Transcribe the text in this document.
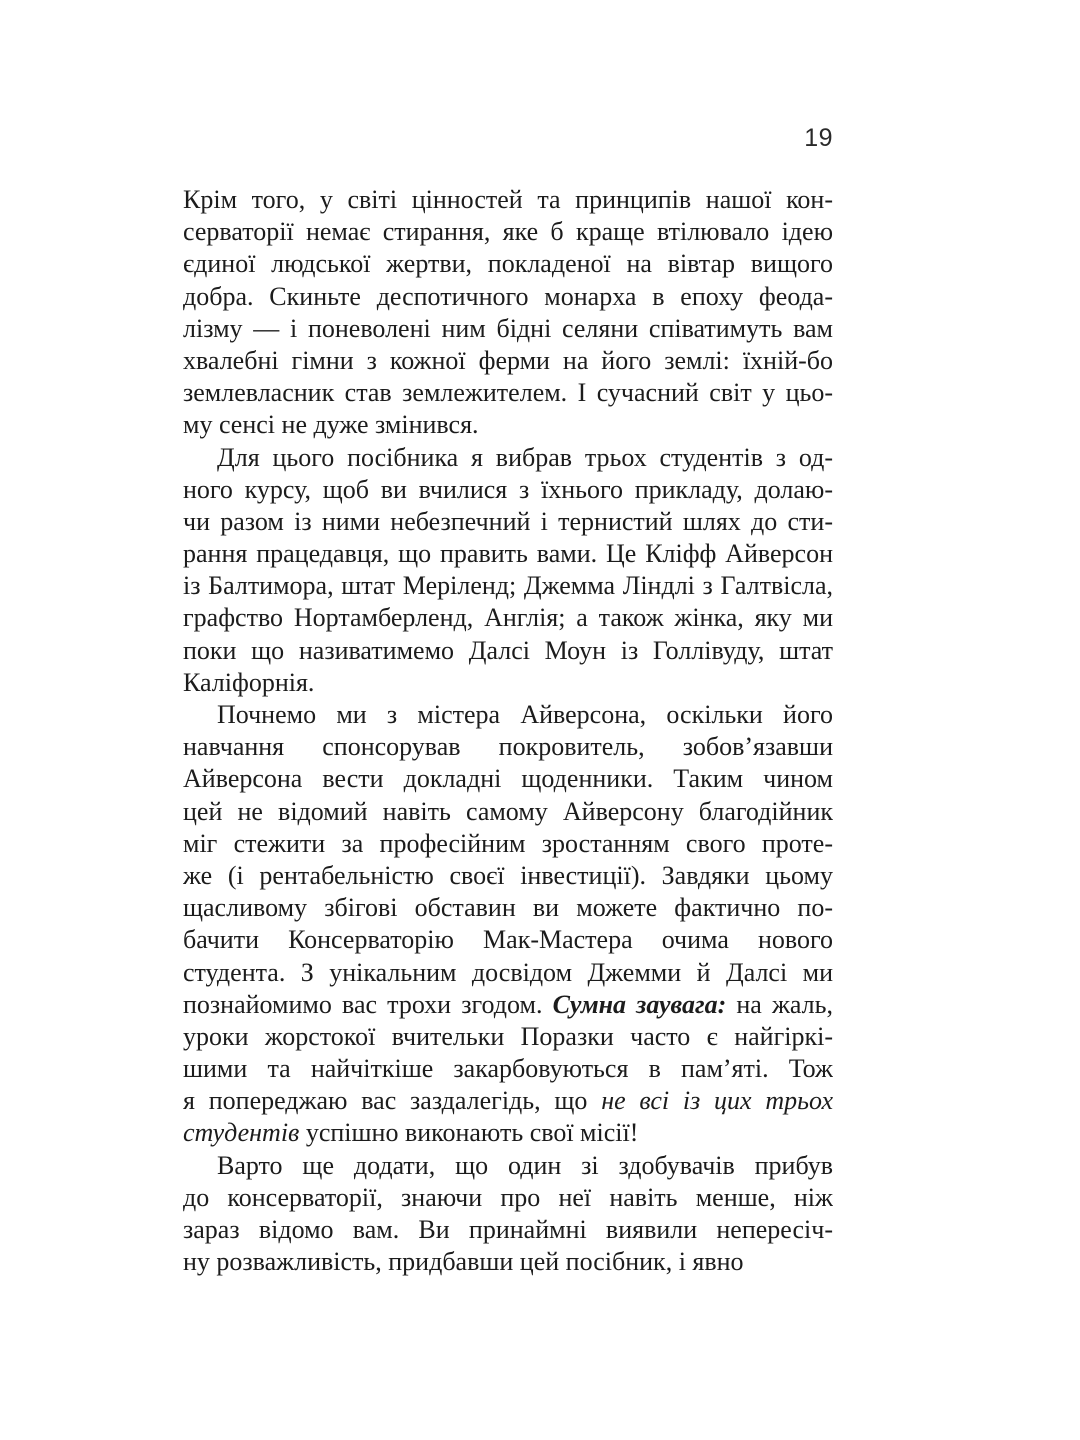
19
Крім того, у світі цінностей та принципів нашої кон-
серваторії немає стирання, яке б краще втілювало ідею
єдиної людської жертви, покладеної на вівтар вищого
добра. Скиньте деспотичного монарха в епоху феода-
лізму — і поневолені ним бідні селяни співатимуть вам
хвалебні гімни з кожної ферми на його землі: їхній-бо
землевласник став землежителем. І сучасний світ у цьо-
му сенсі не дуже змінився.
Для цього посібника я вибрав трьох студентів з од-
ного курсу, щоб ви вчилися з їхнього прикладу, долаю-
чи разом із ними небезпечний і тернистий шлях до сти-
рання працедавця, що править вами. Це Кліфф Айверсон
із Балтимора, штат Меріленд; Джемма Ліндлі з Галтвісла,
графство Нортамберленд, Англія; а також жінка, яку ми
поки що називатимемо Далсі Моун із Голлівуду, штат
Каліфорнія.
Почнемо ми з містера Айверсона, оскільки його
навчання спонсорував покровитель, зобов’язавши
Айверсона вести докладні щоденники. Таким чином
цей не відомий навіть самому Айверсону благодійник
міг стежити за професійним зростанням свого проте-
же (і рентабельністю своєї інвестиції). Завдяки цьому
щасливому збігові обставин ви можете фактично по-
бачити Консерваторію Мак-Мастера очима нового
студента. З унікальним досвідом Джемми й Далсі ми
познайомимо вас трохи згодом. Сумна заувага: на жаль,
уроки жорстокої вчительки Поразки часто є найгіркі-
шими та найчіткіше закарбовуються в пам’яті. Тож
я попереджаю вас заздалегідь, що не всі із цих трьох
студентів успішно виконають свої місії!
Варто ще додати, що один зі здобувачів прибув
до консерваторії, знаючи про неї навіть менше, ніж
зараз відомо вам. Ви принаймні виявили непересіч-
ну розважливість, придбавши цей посібник, і явно
